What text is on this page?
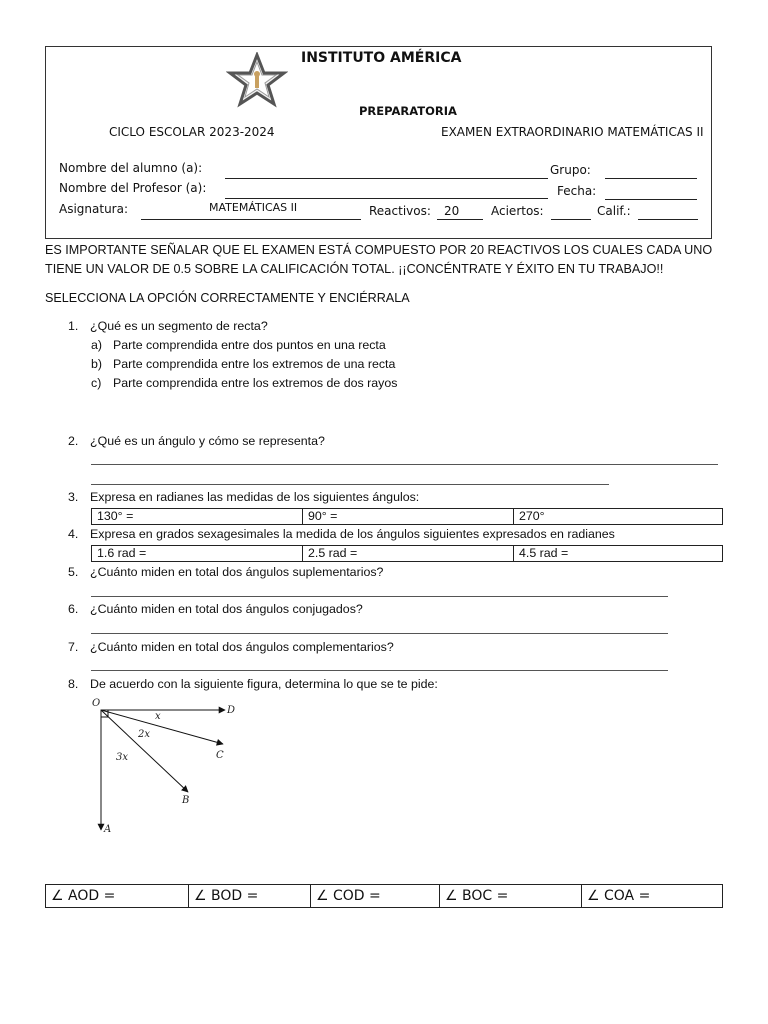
INSTITUTO AMÉRICA
PREPARATORIA
CICLO ESCOLAR 2023-2024	EXAMEN EXTRAORDINARIO MATEMÁTICAS II
Nombre del alumno (a):	Grupo:
Nombre del Profesor (a):	Fecha:
Asignatura:	MATEMÁTICAS II	Reactivos: 20	Aciertos:	Calif.:
ES IMPORTANTE SEÑALAR QUE EL EXAMEN ESTÁ COMPUESTO POR 20 REACTIVOS LOS CUALES CADA UNO
TIENE UN VALOR DE 0.5 SOBRE LA CALIFICACIÓN TOTAL. ¡¡CONCÉNTRATE Y ÉXITO EN TU TRABAJO!!
SELECCIONA LA OPCIÓN CORRECTAMENTE Y ENCIÉRRALA
1. ¿Qué es un segmento de recta?
a) Parte comprendida entre dos puntos en una recta
b) Parte comprendida entre los extremos de una recta
c) Parte comprendida entre los extremos de dos rayos
2. ¿Qué es un ángulo y cómo se representa?
3. Expresa en radianes las medidas de los siguientes ángulos:
130° =	90° =	270°
4. Expresa en grados sexagesimales la medida de los ángulos siguientes expresados en radianes
1.6 rad =	2.5 rad =	4.5 rad =
5. ¿Cuánto miden en total dos ángulos suplementarios?
6. ¿Cuánto miden en total dos ángulos conjugados?
7. ¿Cuánto miden en total dos ángulos complementarios?
8. De acuerdo con la siguiente figura, determina lo que se te pide:
O
D
C
B
A
x
2x
3x
∠ AOD =	∠ BOD =	∠ COD =	∠ BOC =	∠ COA =
